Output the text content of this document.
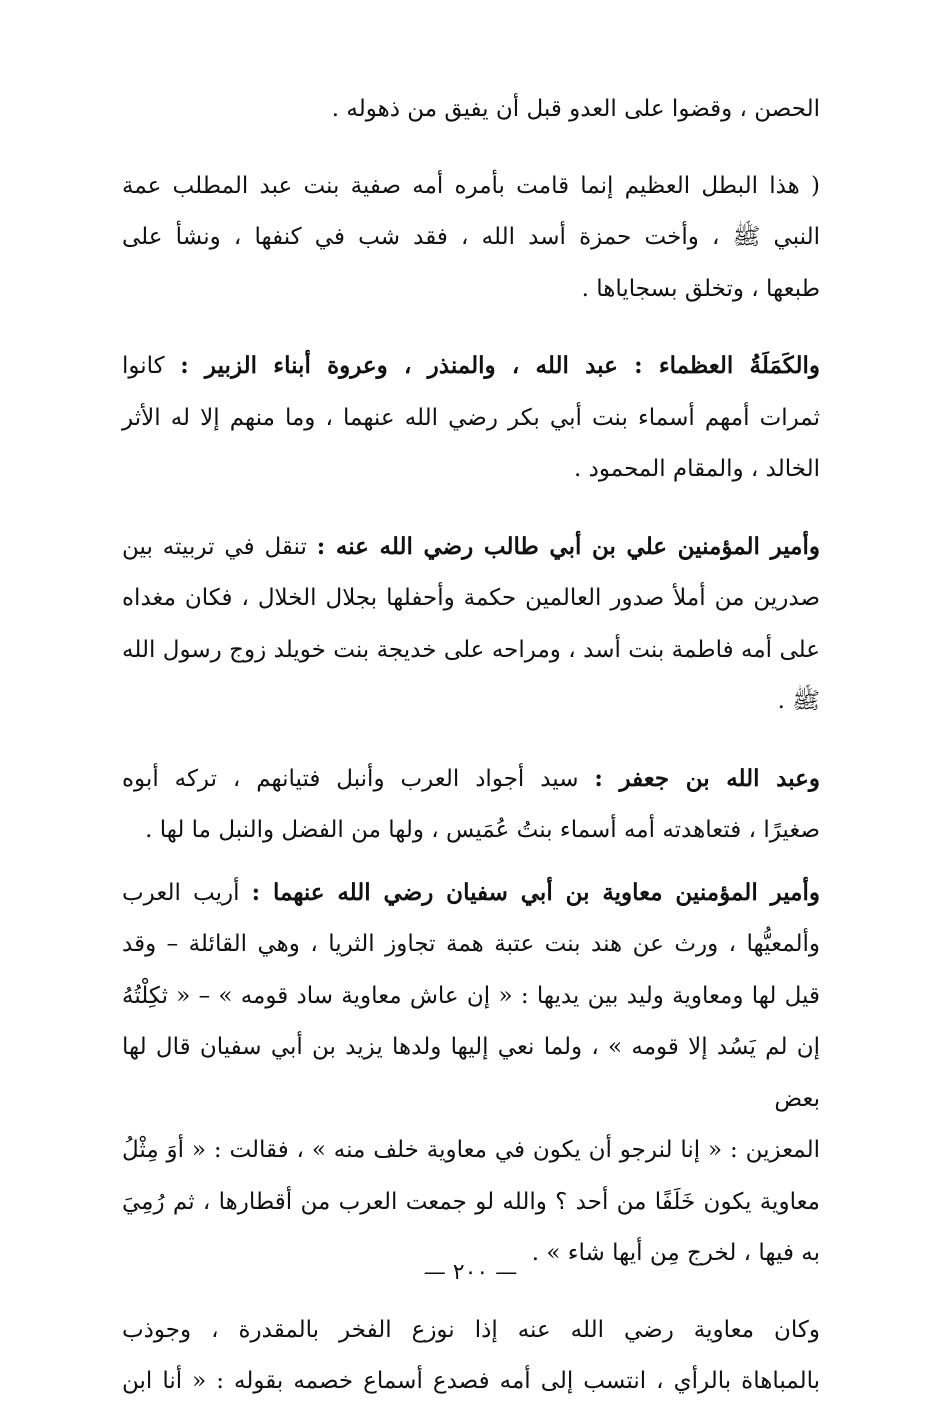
الحصن ، وقضوا على العدو قبل أن يفيق من ذهوله .

( هذا البطل العظيم إنما قامت بأمره أمه صفية بنت عبد المطلب عمة
النبي ﷺ ، وأخت حمزة أسد الله ، فقد شب في كنفها ، ونشأ على
طبعها ، وتخلق بسجاياها .

والكَمَلَةُ العظماء : عبد الله ، والمنذر ، وعروة أبناء الزبير : كانوا
ثمرات أمهم أسماء بنت أبي بكر رضي الله عنهما ، وما منهم إلا له الأثر
الخالد ، والمقام المحمود .

وأمير المؤمنين علي بن أبي طالب رضي الله عنه : تنقل في تربيته بين
صدرين من أملأ صدور العالمين حكمة وأحفلها بجلال الخلال ، فكان مغداه
على أمه فاطمة بنت أسد ، ومراحه على خديجة بنت خويلد زوج رسول الله
ﷺ .

وعبد الله بن جعفر : سيد أجواد العرب وأنبل فتيانهم ، تركه أبوه
صغيرًا ، فتعاهدته أمه أسماء بنتُ عُمَيس ، ولها من الفضل والنبل ما لها .

وأمير المؤمنين معاوية بن أبي سفيان رضي الله عنهما : أريب العرب
وألمعيُّها ، ورث عن هند بنت عتبة همة تجاوز الثريا ، وهي القائلة – وقد
قيل لها ومعاوية وليد بين يديها : « إن عاش معاوية ساد قومه » – « ثكِلْتُهُ
إن لم يَسُد إلا قومه » ، ولما نعي إليها ولدها يزيد بن أبي سفيان قال لها بعض
المعزين : « إنا لنرجو أن يكون في معاوية خلف منه » ، فقالت : « أوَ مِثْلُ
معاوية يكون خَلَفًا من أحد ؟ والله لو جمعت العرب من أقطارها ، ثم رُمِيَ
به فيها ، لخرج مِن أيها شاء » .

وكان معاوية رضي الله عنه إذا نوزع الفخر بالمقدرة ، وجوذب
بالمباهاة بالرأي ، انتسب إلى أمه فصدع أسماع خصمه بقوله : « أنا ابن

— ٢٠٠ —
